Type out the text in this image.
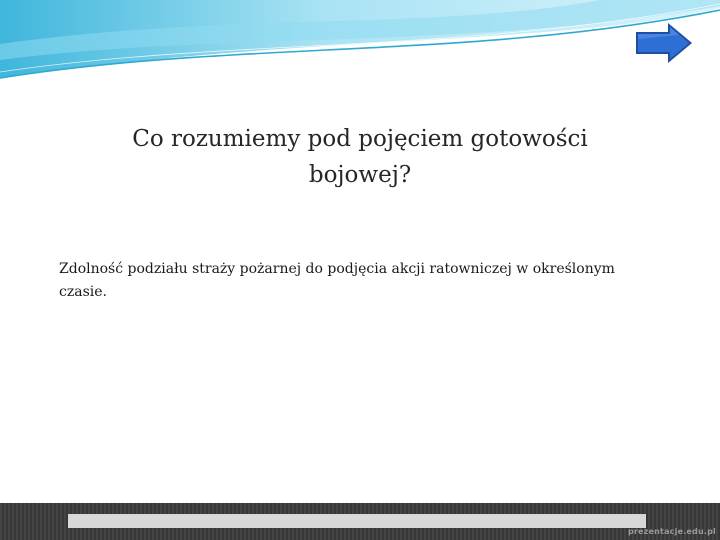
Co rozumiemy pod pojęciem gotowości
bojowej?

Zdolność podziału straży pożarnej do podjęcia akcji ratowniczej w określonym czasie.

prezentacje.edu.pl
